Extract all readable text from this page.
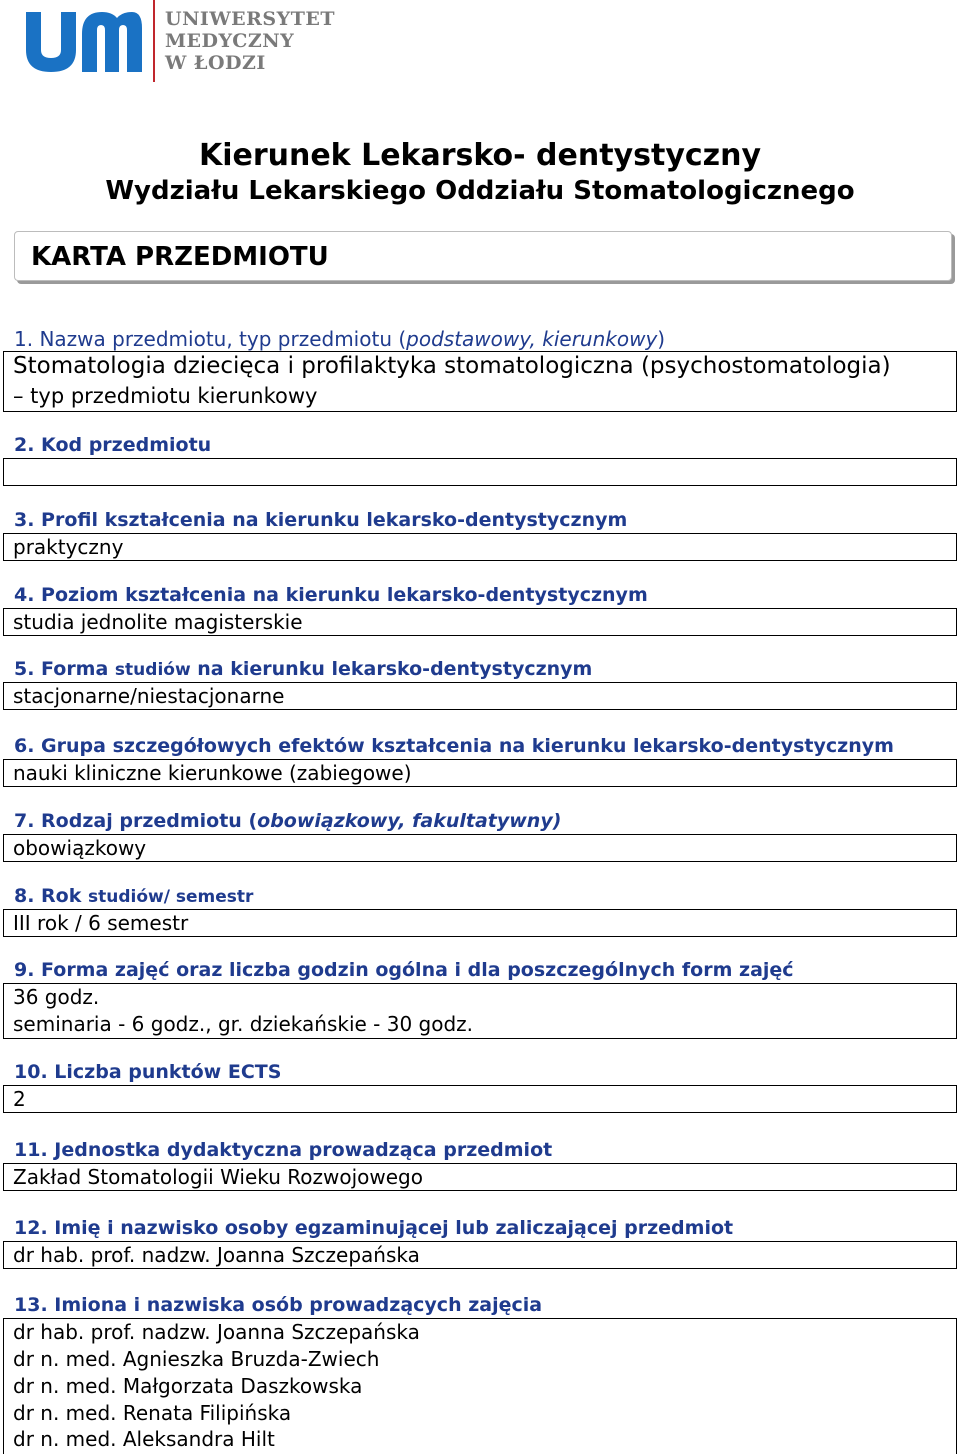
UNIWERSYTET
MEDYCZNY
W ŁODZI
Kierunek Lekarsko- dentystyczny
Wydziału Lekarskiego Oddziału Stomatologicznego
KARTA PRZEDMIOTU
1. Nazwa przedmiotu, typ przedmiotu (podstawowy, kierunkowy)
Stomatologia dziecięca i profilaktyka stomatologiczna (psychostomatologia)
– typ przedmiotu kierunkowy
2. Kod przedmiotu
3. Profil kształcenia na kierunku lekarsko-dentystycznym
praktyczny
4. Poziom kształcenia na kierunku lekarsko-dentystycznym
studia jednolite magisterskie
5. Forma studiów na kierunku lekarsko-dentystycznym
stacjonarne/niestacjonarne
6. Grupa szczegółowych efektów kształcenia na kierunku lekarsko-dentystycznym
nauki kliniczne kierunkowe (zabiegowe)
7. Rodzaj przedmiotu (obowiązkowy, fakultatywny)
obowiązkowy
8. Rok studiów/ semestr
III rok / 6 semestr
9. Forma zajęć oraz liczba godzin ogólna i dla poszczególnych form zajęć
36 godz.
seminaria - 6 godz., gr. dziekańskie - 30 godz.
10. Liczba punktów ECTS
2
11. Jednostka dydaktyczna prowadząca przedmiot
Zakład Stomatologii Wieku Rozwojowego
12. Imię i nazwisko osoby egzaminującej lub zaliczającej przedmiot
dr hab. prof. nadzw. Joanna Szczepańska
13. Imiona i nazwiska osób prowadzących zajęcia
dr hab. prof. nadzw. Joanna Szczepańska
dr n. med. Agnieszka Bruzda-Zwiech
dr n. med. Małgorzata Daszkowska
dr n. med. Renata Filipińska
dr n. med. Aleksandra Hilt
